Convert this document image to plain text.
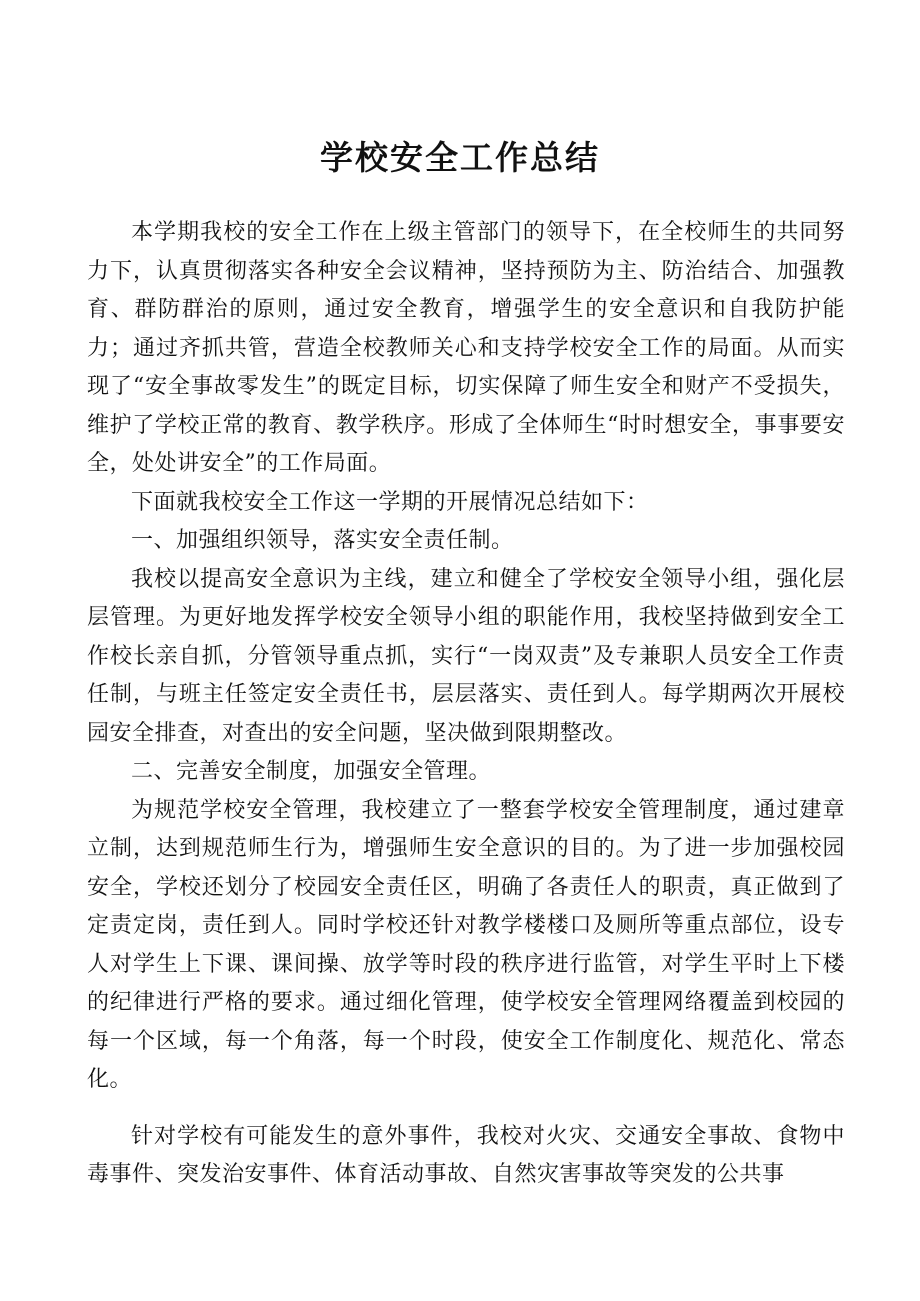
学校安全工作总结

本学期我校的安全工作在上级主管部门的领导下，在全校师生的共同努力下，认真贯彻落实各种安全会议精神，坚持预防为主、防治结合、加强教育、群防群治的原则，通过安全教育，增强学生的安全意识和自我防护能力；通过齐抓共管，营造全校教师关心和支持学校安全工作的局面。从而实现了“安全事故零发生”的既定目标，切实保障了师生安全和财产不受损失，维护了学校正常的教育、教学秩序。形成了全体师生“时时想安全，事事要安全，处处讲安全”的工作局面。

下面就我校安全工作这一学期的开展情况总结如下：

一、加强组织领导，落实安全责任制。

我校以提高安全意识为主线，建立和健全了学校安全领导小组，强化层层管理。为更好地发挥学校安全领导小组的职能作用，我校坚持做到安全工作校长亲自抓，分管领导重点抓，实行“一岗双责”及专兼职人员安全工作责任制，与班主任签定安全责任书，层层落实、责任到人。每学期两次开展校园安全排查，对查出的安全问题，坚决做到限期整改。

二、完善安全制度，加强安全管理。

为规范学校安全管理，我校建立了一整套学校安全管理制度，通过建章立制，达到规范师生行为，增强师生安全意识的目的。为了进一步加强校园安全，学校还划分了校园安全责任区，明确了各责任人的职责，真正做到了定责定岗，责任到人。同时学校还针对教学楼楼口及厕所等重点部位，设专人对学生上下课、课间操、放学等时段的秩序进行监管，对学生平时上下楼的纪律进行严格的要求。通过细化管理，使学校安全管理网络覆盖到校园的每一个区域，每一个角落，每一个时段，使安全工作制度化、规范化、常态化。

针对学校有可能发生的意外事件，我校对火灾、交通安全事故、食物中毒事件、突发治安事件、体育活动事故、自然灾害事故等突发的公共事
